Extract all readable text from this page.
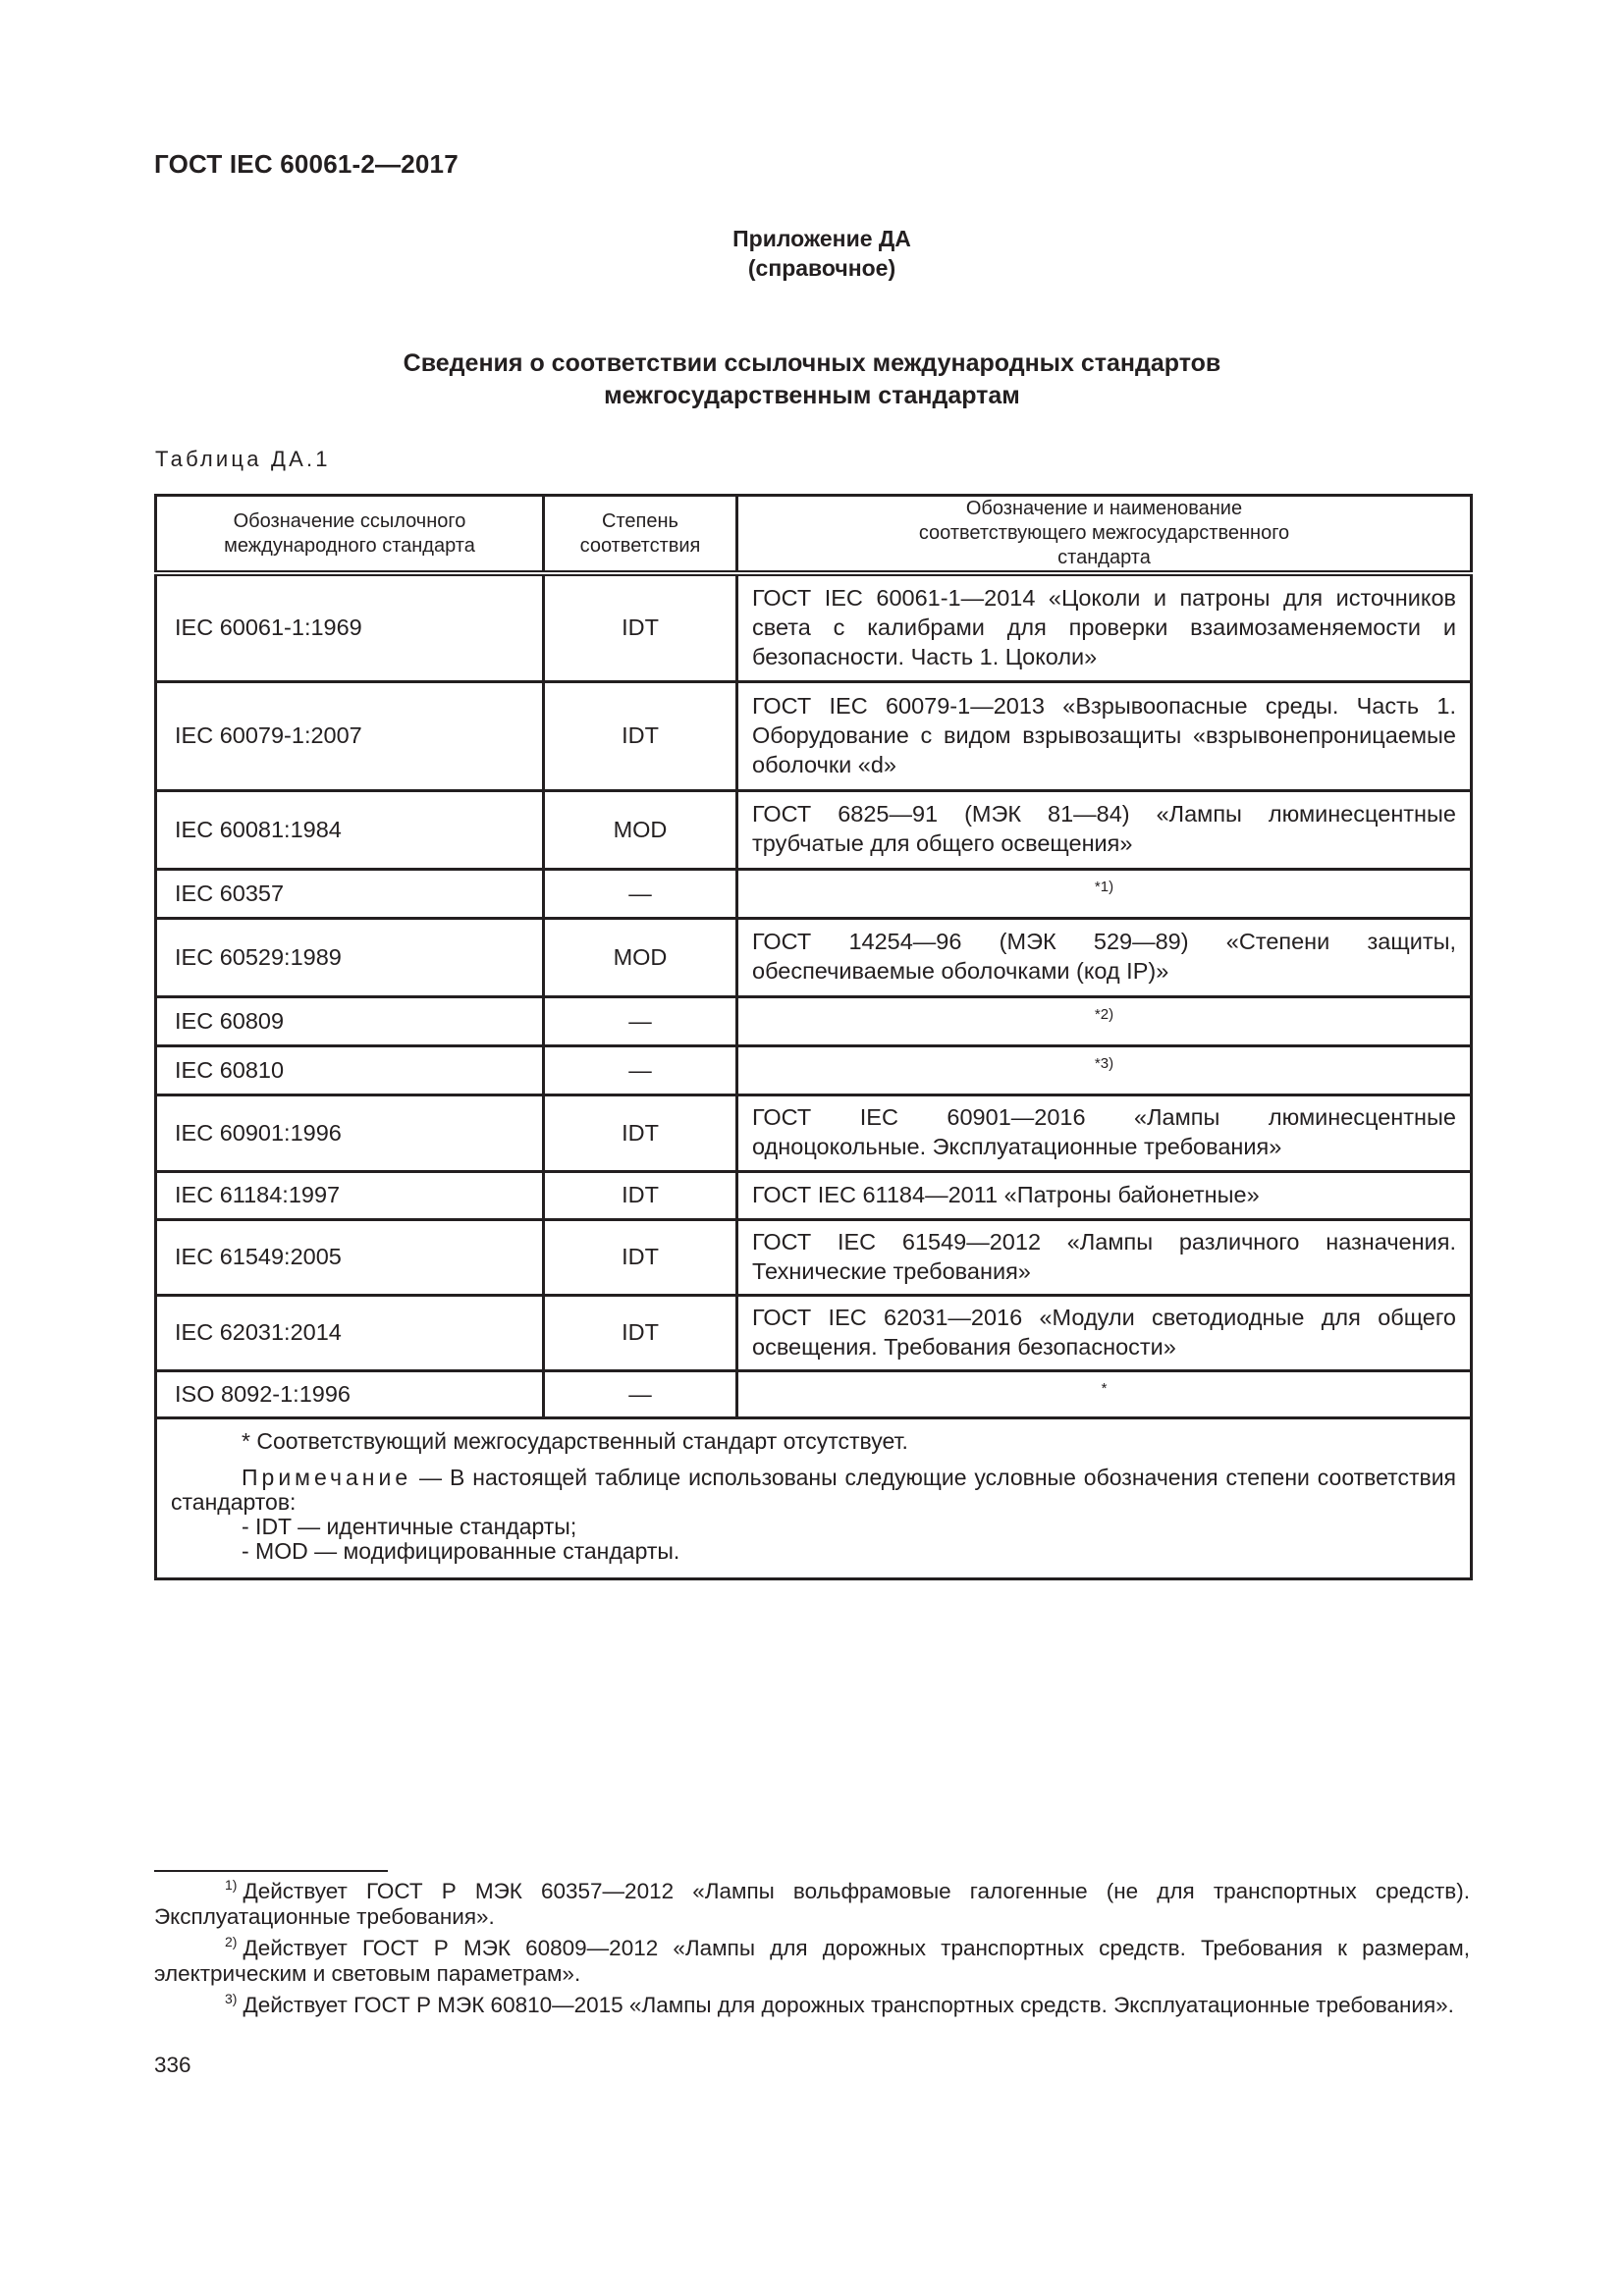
ГОСТ IEC 60061-2—2017
Приложение ДА
(справочное)
Сведения о соответствии ссылочных международных стандартов
межгосударственным стандартам
Таблица ДА.1
Обозначение ссылочного международного стандарта	Степень соответствия	Обозначение и наименование соответствующего межгосударственного стандарта
IEC 60061-1:1969	IDT	ГОСТ IEC 60061-1—2014 «Цоколи и патроны для источников света с калибрами для проверки взаимозаменяемости и безопасности. Часть 1. Цоколи»
IEC 60079-1:2007	IDT	ГОСТ IEC 60079-1—2013 «Взрывоопасные среды. Часть 1. Оборудование с видом взрывозащиты «взрывонепроницаемые оболочки «d»
IEC 60081:1984	MOD	ГОСТ 6825—91 (МЭК 81—84) «Лампы люминесцентные трубчатые для общего освещения»
IEC 60357	—	*1)
IEC 60529:1989	MOD	ГОСТ 14254—96 (МЭК 529—89) «Степени защиты, обеспечиваемые оболочками (код IP)»
IEC 60809	—	*2)
IEC 60810	—	*3)
IEC 60901:1996	IDT	ГОСТ IEC 60901—2016 «Лампы люминесцентные одноцокольные. Эксплуатационные требования»
IEC 61184:1997	IDT	ГОСТ IEC 61184—2011 «Патроны байонетные»
IEC 61549:2005	IDT	ГОСТ IEC 61549—2012 «Лампы различного назначения. Технические требования»
IEC 62031:2014	IDT	ГОСТ IEC 62031—2016 «Модули светодиодные для общего освещения. Требования безопасности»
ISO 8092-1:1996	—	*

* Соответствующий межгосударственный стандарт отсутствует.
Примечание — В настоящей таблице использованы следующие условные обозначения степени соответствия стандартов:
- IDT — идентичные стандарты;
- MOD — модифицированные стандарты.		
$^{1)}$ Действует ГОСТ Р МЭК 60357—2012 «Лампы вольфрамовые галогенные (не для транспортных средств). Эксплуатационные требования».
$^{2)}$ Действует ГОСТ Р МЭК 60809—2012 «Лампы для дорожных транспортных средств. Требования к размерам, электрическим и световым параметрам».
$^{3)}$ Действует ГОСТ Р МЭК 60810—2015 «Лампы для дорожных транспортных средств. Эксплуатационные требования».
336
